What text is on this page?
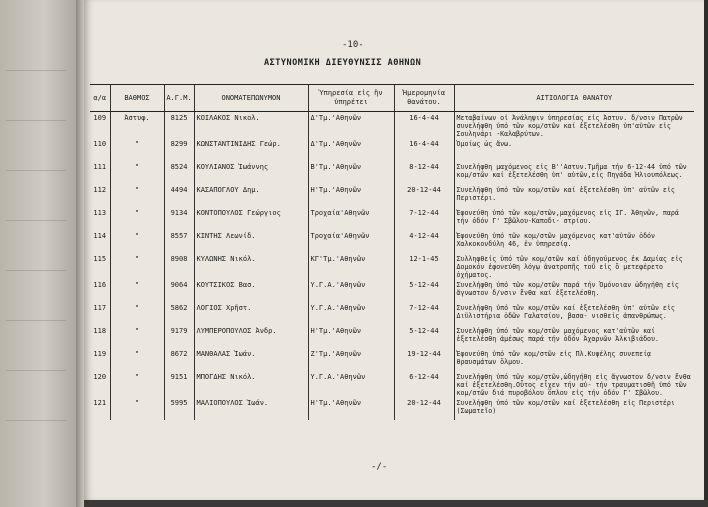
-10-
ΑΣΤΥΝΟΜΙΚΗ ΔΙΕΥΘΥΝΣΙΣ ΑΘΗΝΩΝ
α/α	ΒΑΘΜΟΣ	Α.Γ.Μ.	ΟΝΟΜΑΤΕΠΩΝΥΜΟΝ	Ὑπηρεσία εἰς ἣν ὑπηρέτει	Ἡμερομηνία θανάτου.	ΑΙΤΙΟΛΟΓΙΑ ΘΑΝΑΤΟΥ
109	Ἀστυφ.	8125	ΚΟΙΛΑΚΟΣ Νικολ.	Δ'Τμ.'Αθηνῶν	16-4-44	Μεταβαίνων οἱ Ἀνάληψιν ὑπηρεσίας εἰς Ἀστυν. δ/νσιν Πατρῶν συνελήφθη ὑπό τῶν κομ/στῶν καί ἐξετελέσθη ὑπ'αὐτῶν εἰς Σουληνάρι -Καλαβρύτων.
110	"	8299	ΚΩΝΣΤΑΝΤΙΝΙΔΗΣ Γεώρ.	Δ'Τμ.'Αθηνῶν	16-4-44	Ὁμοίως ὡς ἄνω.
111	"	8524	ΚΟΥΛΙΑΝΟΣ Ἰωάννης	Β'Τμ.'Αθηνῶν	8-12-44	Συνελήφθη μαχόμενος εἰς Β''Αστυν.Τμῆμα τήν 6-12-44 ὑπό τῶν κομ/στῶν καί ἐξετελέσθη ὑπ' αὐτῶν,εἰς Πηγάδα Ἡλιουπόλεως.
112	"	4494	ΚΑΣΑΠΟΓΛΟΥ Δημ.	Η'Τμ.'Αθηνῶν	20-12-44	Συνελήφθη ὑπό τῶν κομ/στῶν καί ἐξετελέσθη ὑπ' αὐτῶν εἰς Περιστέρι.
113	"	9134	ΚΟΝΤΟΠΟΥΛΟΣ Γεώργιος	Τροχαία'Αθηνῶν	7-12-44	Ἐφονεύθη ὑπό τῶν κομ/στῶν,μαχόμενος εἰς ΙΓ. Ἀθηνῶν, παρά τήν ὁδόν Γ' Σβῶλου-Καποδι- στρίου.
114	"	8557	ΚΙΝΤΗΣ Λεωνίδ.	Τροχαία'Αθηνῶν	4-12-44	Ἐφονεύθη ὑπό τῶν κομ/στῶν μαχόμενος κατ'αὐτῶν ὁδόν Χαλκοκονδύλη 46, ἐν ὑπηρεσίᾳ.
115	"	8908	ΚΥΛΩΝΗΣ Νικόλ.	ΚΓ'Τμ.'Αθηνῶν	12-1-45	Συλληφθείς ὑπό τῶν κομ/στῶν καί ὁδηγούμενος ἐκ Δαμίας εἰς Δομοκόν ἐφονεύθη λόγῳ ἀνατροπῆς τοῦ εἰς ὃ μετεφέρετο ὀχήματος.
116	"	9064	ΚΟΥΤΣΙΚΟΣ Βασ.	Υ.Γ.Α.'Αθηνῶν	5-12-44	Συνελήφθη ὑπό τῶν κομ/στῶν παρά τήν Ὁμόνοιαν ὡδηγήθη εἰς ἄγνωστον δ/νσιν ἔνθα καί ἐξετελέσθη.
117	"	5862	ΛΟΓΙΟΣ Χρῆστ.	Υ.Γ.Α.'Αθηνῶν	7-12-44	Συνελήφθη ὑπό τῶν κομ/στῶν καί ἐξετελέσθη ὑπ' αὐτῶν εἰς Διϋλιστήρια ὁδῶν Γαλατσίου, βασα- νισθείς ἀπανθρώπως.
118	"	9179	ΛΥΜΠΕΡΟΠΟΥΛΟΣ Ἀνδρ.	Η'Τμ.'Αθηνῶν	5-12-44	Συνελήφθη ὑπό τῶν κομ/στῶν μαχόμενος κατ'αὐτῶν καί ἐξετελέσθη ἀμέσως παρά τήν ὁδόν Ἀχαρνῶν Ἀλκιβιάδου.
119	"	8672	ΜΑΝΘΑΛΑΣ Ἰωάν.	Ζ'Τμ.'Αθηνῶν	19-12-44	Ἐφονεύθη ὑπό τῶν κομ/στῶν εἰς Πλ.Κυψέλης συνεπείᾳ θραυσμάτων ὅλμου.
120	"	9151	ΜΠΟΓΔΗΣ Νικόλ.	Υ.Γ.Α.'Αθηνῶν	6-12-44	Συνελήφθη ὑπό τῶν κομ/στῶν,ὡδηγήθη εἰς ἄγνωστον δ/νσιν ἔνθα καί ἐξετελέσθη.Οὗτος εἶχεν τήν αὐ- τήν τραυματισθῆ ὑπό τῶν κομ/στῶν διά πυροβόλου ὅπλου εἰς τήν ὁδόν Γ' Σβῶλου.
121	"	5995	ΜΑΛΙΟΠΟΥΛΟΣ Ἰωάν.	Η'Τμ.'Αθηνῶν	20-12-44	Συνελήφθη ὑπό τῶν κομ/στῶν καί ἐξετελέσθη εἰς Περιστέρι (Σωματεῖο)
-/-
